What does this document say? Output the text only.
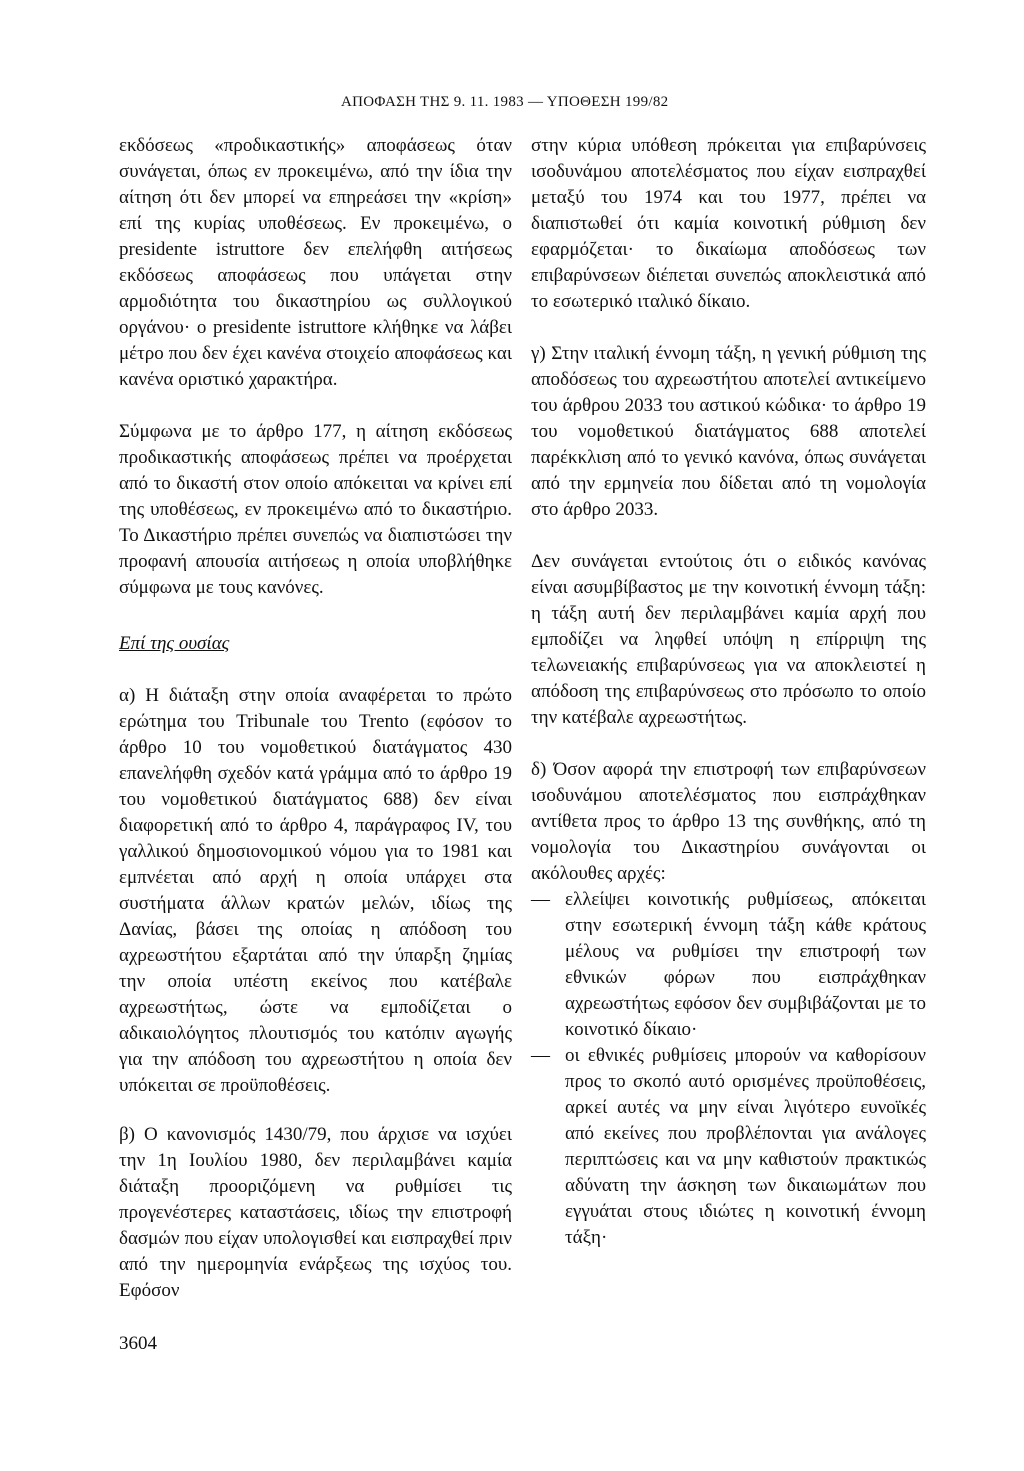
ΑΠΟΦΑΣΗ ΤΗΣ 9. 11. 1983 — ΥΠΟΘΕΣΗ 199/82

εκδόσεως «προδικαστικής» αποφάσεως όταν συνάγεται, όπως εν προκειμένω, από την ίδια την αίτηση ότι δεν μπορεί να επηρεάσει την «κρίση» επί της κυρίας υποθέσεως. Εν προκειμένω, ο presidente istruttore δεν επελήφθη αιτήσεως εκδόσεως αποφάσεως που υπάγεται στην αρμοδιότητα του δικαστηρίου ως συλλογικού οργάνου· ο presidente istruttore κλήθηκε να λάβει μέτρο που δεν έχει κανένα στοιχείο αποφάσεως και κανένα οριστικό χαρακτήρα.

Σύμφωνα με το άρθρο 177, η αίτηση εκδόσεως προδικαστικής αποφάσεως πρέπει να προέρχεται από το δικαστή στον οποίο απόκειται να κρίνει επί της υποθέσεως, εν προκειμένω από το δικαστήριο. Το Δικαστήριο πρέπει συνεπώς να διαπιστώσει την προφανή απουσία αιτήσεως η οποία υποβλήθηκε σύμφωνα με τους κανόνες.

Επί της ουσίας

α) Η διάταξη στην οποία αναφέρεται το πρώτο ερώτημα του Tribunale του Trento (εφόσον το άρθρο 10 του νομοθετικού διατάγματος 430 επανελήφθη σχεδόν κατά γράμμα από το άρθρο 19 του νομοθετικού διατάγματος 688) δεν είναι διαφορετική από το άρθρο 4, παράγραφος IV, του γαλλικού δημοσιονομικού νόμου για το 1981 και εμπνέεται από αρχή η οποία υπάρχει στα συστήματα άλλων κρατών μελών, ιδίως της Δανίας, βάσει της οποίας η απόδοση του αχρεωστήτου εξαρτάται από την ύπαρξη ζημίας την οποία υπέστη εκείνος που κατέβαλε αχρεωστήτως, ώστε να εμποδίζεται ο αδικαιολόγητος πλουτισμός του κατόπιν αγωγής για την απόδοση του αχρεωστήτου η οποία δεν υπόκειται σε προϋποθέσεις.

β) Ο κανονισμός 1430/79, που άρχισε να ισχύει την 1η Ιουλίου 1980, δεν περιλαμβάνει καμία διάταξη προοριζόμενη να ρυθμίσει τις προγενέστερες καταστάσεις, ιδίως την επιστροφή δασμών που είχαν υπολογισθεί και εισπραχθεί πριν από την ημερομηνία ενάρξεως της ισχύος του. Εφόσον

στην κύρια υπόθεση πρόκειται για επιβαρύνσεις ισοδυνάμου αποτελέσματος που είχαν εισπραχθεί μεταξύ του 1974 και του 1977, πρέπει να διαπιστωθεί ότι καμία κοινοτική ρύθμιση δεν εφαρμόζεται· το δικαίωμα αποδόσεως των επιβαρύνσεων διέπεται συνεπώς αποκλειστικά από το εσωτερικό ιταλικό δίκαιο.

γ) Στην ιταλική έννομη τάξη, η γενική ρύθμιση της αποδόσεως του αχρεωστήτου αποτελεί αντικείμενο του άρθρου 2033 του αστικού κώδικα· το άρθρο 19 του νομοθετικού διατάγματος 688 αποτελεί παρέκκλιση από το γενικό κανόνα, όπως συνάγεται από την ερμηνεία που δίδεται από τη νομολογία στο άρθρο 2033.

Δεν συνάγεται εντούτοις ότι ο ειδικός κανόνας είναι ασυμβίβαστος με την κοινοτική έννομη τάξη: η τάξη αυτή δεν περιλαμβάνει καμία αρχή που εμποδίζει να ληφθεί υπόψη η επίρριψη της τελωνειακής επιβαρύνσεως για να αποκλειστεί η απόδοση της επιβαρύνσεως στο πρόσωπο το οποίο την κατέβαλε αχρεωστήτως.

δ) Όσον αφορά την επιστροφή των επιβαρύνσεων ισοδυνάμου αποτελέσματος που εισπράχθηκαν αντίθετα προς το άρθρο 13 της συνθήκης, από τη νομολογία του Δικαστηρίου συνάγονται οι ακόλουθες αρχές:

— ελλείψει κοινοτικής ρυθμίσεως, απόκειται στην εσωτερική έννομη τάξη κάθε κράτους μέλους να ρυθμίσει την επιστροφή των εθνικών φόρων που εισπράχθηκαν αχρεωστήτως εφόσον δεν συμβιβάζονται με το κοινοτικό δίκαιο·
— οι εθνικές ρυθμίσεις μπορούν να καθορίσουν προς το σκοπό αυτό ορισμένες προϋποθέσεις, αρκεί αυτές να μην είναι λιγότερο ευνοϊκές από εκείνες που προβλέπονται για ανάλογες περιπτώσεις και να μην καθιστούν πρακτικώς αδύνατη την άσκηση των δικαιωμάτων που εγγυάται στους ιδιώτες η κοινοτική έννομη τάξη·
3604
